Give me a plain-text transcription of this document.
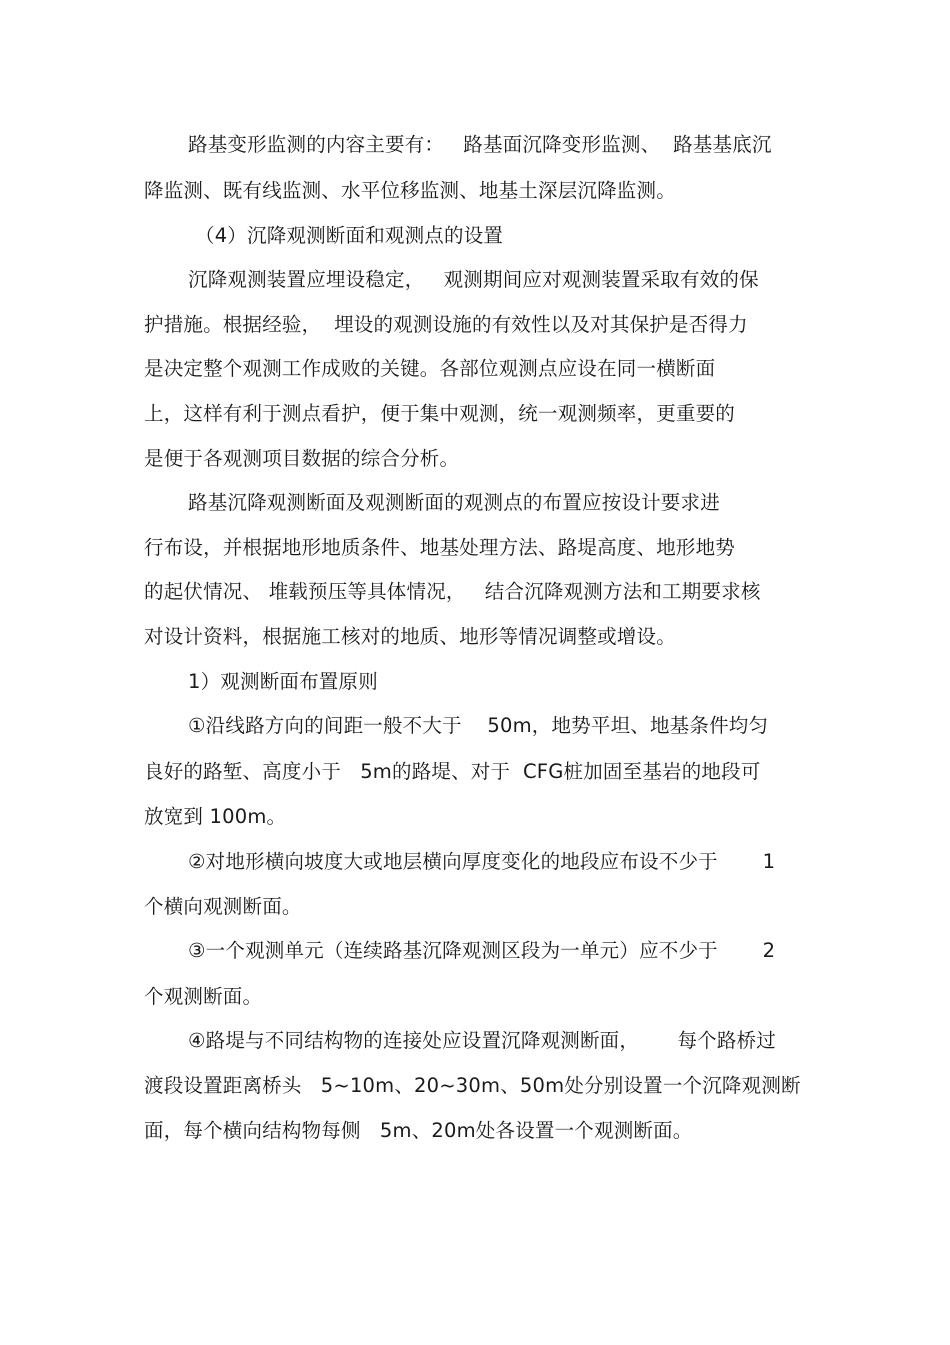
路基变形监测的内容主要有：   路基面沉降变形监测、  路基基底沉
降监测、既有线监测、水平位移监测、地基土深层沉降监测。
（4）沉降观测断面和观测点的设置
沉降观测装置应埋设稳定，   观测期间应对观测装置采取有效的保
护措施。根据经验，  埋设的观测设施的有效性以及对其保护是否得力
是决定整个观测工作成败的关键。各部位观测点应设在同一横断面
上，这样有利于测点看护，便于集中观测，统一观测频率，更重要的
是便于各观测项目数据的综合分析。
路基沉降观测断面及观测断面的观测点的布置应按设计要求进
行布设，并根据地形地质条件、地基处理方法、路堤高度、地形地势
的起伏情况、 堆载预压等具体情况，   结合沉降观测方法和工期要求核
对设计资料，根据施工核对的地质、地形等情况调整或增设。
1）观测断面布置原则
①沿线路方向的间距一般不大于    50m，地势平坦、地基条件均匀
良好的路堑、高度小于   5m的路堤、对于  CFG桩加固至基岩的地段可
放宽到 100m。
②对地形横向坡度大或地层横向厚度变化的地段应布设不少于       1
个横向观测断面。
③一个观测单元（连续路基沉降观测区段为一单元）应不少于       2
个观测断面。
④路堤与不同结构物的连接处应设置沉降观测断面，      每个路桥过
渡段设置距离桥头   5~10m、20~30m、50m处分别设置一个沉降观测断
面，每个横向结构物每侧   5m、20m处各设置一个观测断面。
